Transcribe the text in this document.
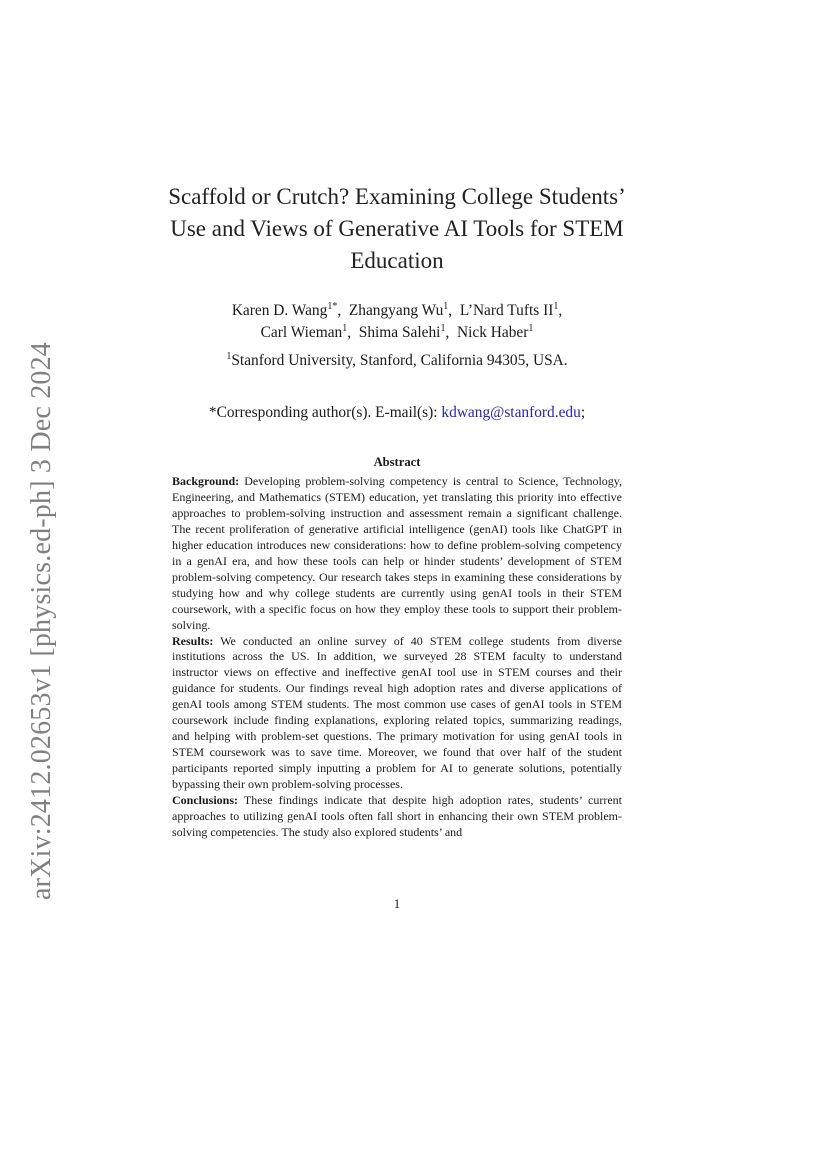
arXiv:2412.02653v1 [physics.ed-ph] 3 Dec 2024
Scaffold or Crutch? Examining College Students’ Use and Views of Generative AI Tools for STEM Education
Karen D. Wang$^{1*}$,  Zhangyang Wu$^1$,  L’Nard Tufts $II^1$,
Carl Wieman$^1$,  Shima Salehi$^1$,  Nick Haber$^1$
$^1$Stanford University, Stanford, California 94305, USA.
*Corresponding author(s). E-mail(s): kdwang@stanford.edu;
Abstract

Background: Developing problem-solving competency is central to Science, Technology, Engineering, and Mathematics (STEM) education, yet translating this priority into effective approaches to problem-solving instruction and assessment remain a significant challenge. The recent proliferation of generative artificial intelligence (genAI) tools like ChatGPT in higher education introduces new considerations: how to define problem-solving competency in a genAI era, and how these tools can help or hinder students’ development of STEM problem-solving competency. Our research takes steps in examining these considerations by studying how and why college students are currently using genAI tools in their STEM coursework, with a specific focus on how they employ these tools to support their problem-solving.

Results: We conducted an online survey of 40 STEM college students from diverse institutions across the US. In addition, we surveyed 28 STEM faculty to understand instructor views on effective and ineffective genAI tool use in STEM courses and their guidance for students. Our findings reveal high adoption rates and diverse applications of genAI tools among STEM students. The most common use cases of genAI tools in STEM coursework include finding explanations, exploring related topics, summarizing readings, and helping with problem-set questions. The primary motivation for using genAI tools in STEM coursework was to save time. Moreover, we found that over half of the student participants reported simply inputting a problem for AI to generate solutions, potentially bypassing their own problem-solving processes.

Conclusions: These findings indicate that despite high adoption rates, students’ current approaches to utilizing genAI tools often fall short in enhancing their own STEM problem-solving competencies. The study also explored students’ and

1
